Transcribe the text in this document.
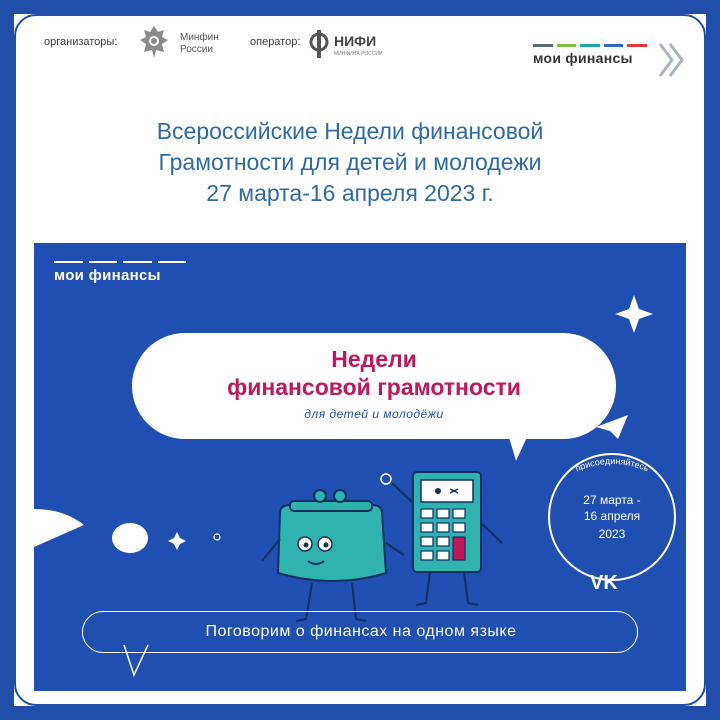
организаторы:	Минфин России
оператор: НИФИ
МИНФИНА РОССИИ	мои финансы
Всероссийские Недели финансовой
Грамотности для детей и молодежи
27 марта-16 апреля 2023 г.
VK
мои финансы
Недели
финансовой грамотности
для детей и молодёжи
присоединяйтесь
27 марта -
16 апреля
2023
Поговорим о финансах на одном языке
